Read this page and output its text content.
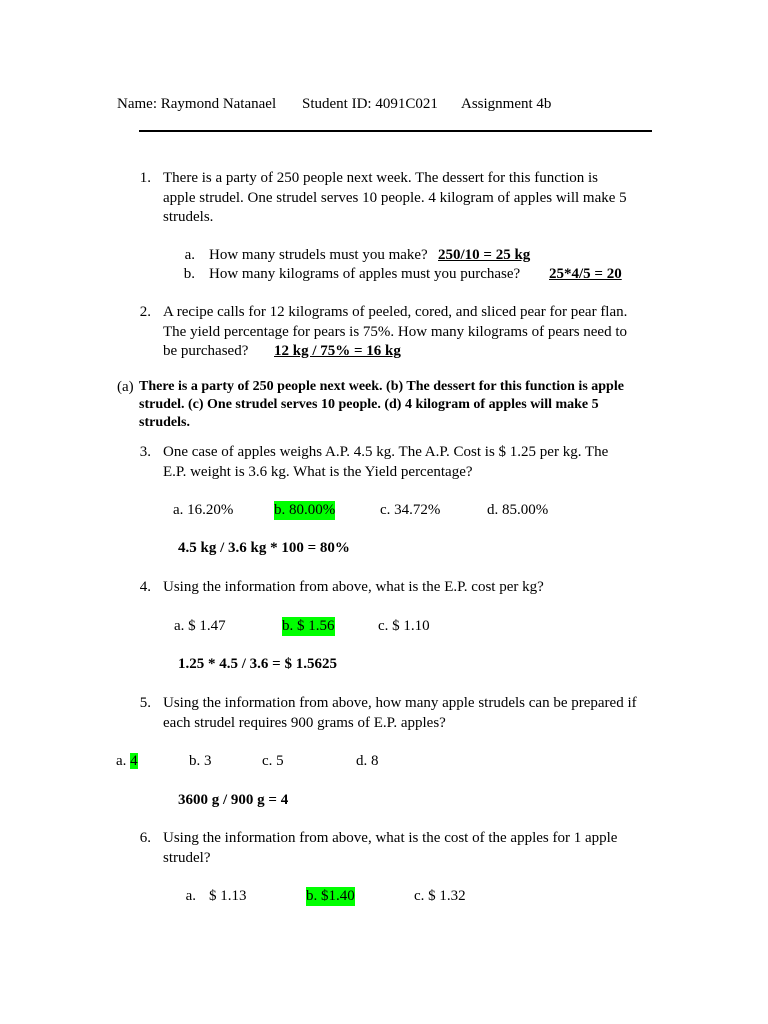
Name: Raymond Natanael Student ID: 4091C021 Assignment 4b
1. There is a party of 250 people next week. The dessert for this function is
apple strudel. One strudel serves 10 people. 4 kilogram of apples will make 5
strudels.
a. How many strudels must you make? 250/10 = 25 kg
b. How many kilograms of apples must you purchase? 25*4/5 = 20
2. A recipe calls for 12 kilograms of peeled, cored, and sliced pear for pear flan.
The yield percentage for pears is 75%. How many kilograms of pears need to
be purchased?	12 kg / 75% = 16 kg
(a) There is a party of 250 people next week. (b) The dessert for this function is apple
strudel. (c) One strudel serves 10 people. (d) 4 kilogram of apples will make 5
strudels.
3. One case of apples weighs A.P. 4.5 kg. The A.P. Cost is $ 1.25 per kg. The
E.P. weight is 3.6 kg. What is the Yield percentage?
a. 16.20%	b. 80.00%	c. 34.72%	d. 85.00%
4.5 kg / 3.6 kg * 100 = 80%
4. Using the information from above, what is the E.P. cost per kg?
a. $ 1.47	b. $ 1.56	c. $ 1.10
1.25 * 4.5 / 3.6 = $ 1.5625
5. Using the information from above, how many apple strudels can be prepared if
each strudel requires 900 grams of E.P. apples?
a. 4	b. 3	c. 5	d. 8
3600 g / 900 g = 4
6. Using the information from above, what is the cost of the apples for 1 apple
strudel?
a. $ 1.13	b. $1.40	c. $ 1.32
